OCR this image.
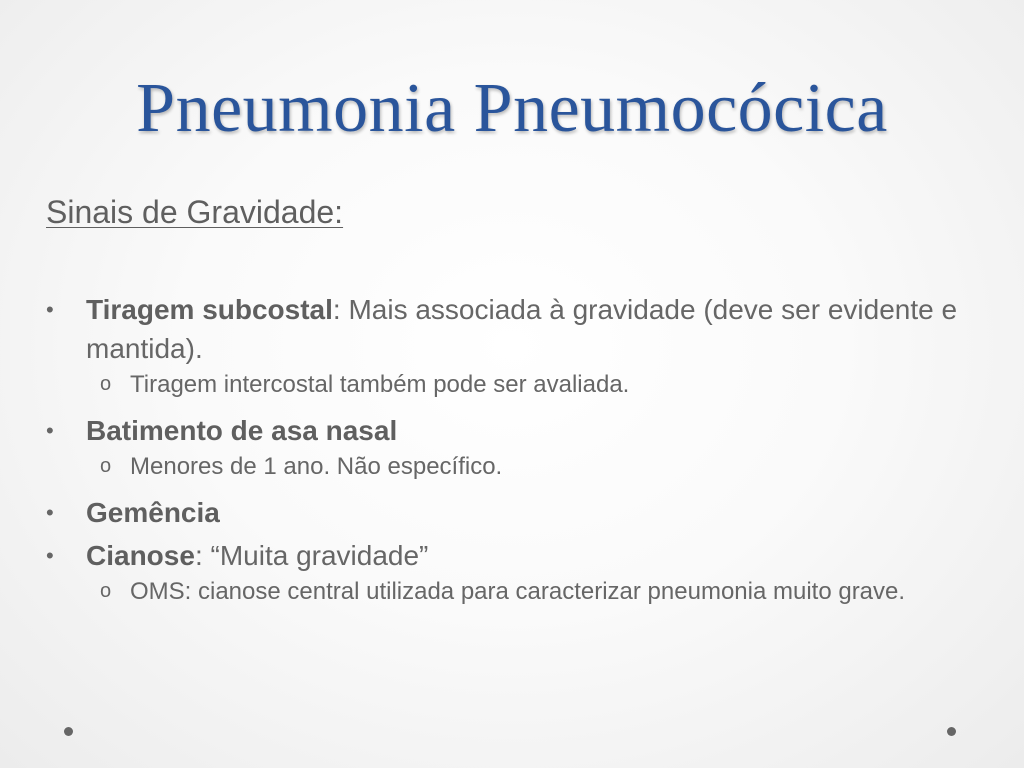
Pneumonia Pneumocócica
Sinais de Gravidade:
• Tiragem subcostal: Mais associada à gravidade (deve ser evidente e mantida).
o Tiragem intercostal também pode ser avaliada.
• Batimento de asa nasal
o Menores de 1 ano. Não específico.
• Gemência
• Cianose: “Muita gravidade”
o OMS: cianose central utilizada para caracterizar pneumonia muito grave.
